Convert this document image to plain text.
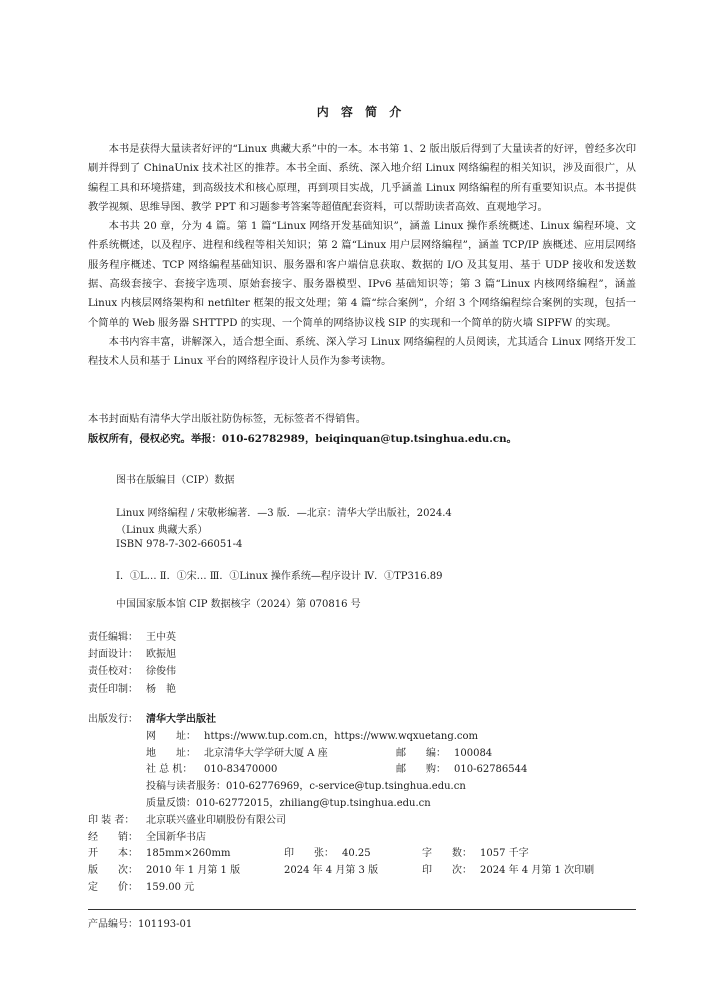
内 容 简 介

本书是获得大量读者好评的“Linux 典藏大系”中的一本。本书第 1、2 版出版后得到了大量读者的好评，曾经多次印刷并得到了 ChinaUnix 技术社区的推荐。本书全面、系统、深入地介绍 Linux 网络编程的相关知识，涉及面很广，从编程工具和环境搭建，到高级技术和核心原理，再到项目实战，几乎涵盖 Linux 网络编程的所有重要知识点。本书提供教学视频、思维导图、教学 PPT 和习题参考答案等超值配套资料，可以帮助读者高效、直观地学习。

本书共 20 章，分为 4 篇。第 1 篇“Linux 网络开发基础知识”，涵盖 Linux 操作系统概述、Linux 编程环境、文件系统概述，以及程序、进程和线程等相关知识；第 2 篇“Linux 用户层网络编程”，涵盖 TCP/IP 族概述、应用层网络服务程序概述、TCP 网络编程基础知识、服务器和客户端信息获取、数据的 I/O 及其复用、基于 UDP 接收和发送数据、高级套接字、套接字选项、原始套接字、服务器模型、IPv6 基础知识等；第 3 篇“Linux 内核网络编程”，涵盖 Linux 内核层网络架构和 netfilter 框架的报文处理；第 4 篇“综合案例”，介绍 3 个网络编程综合案例的实现，包括一个简单的 Web 服务器 SHTTPD 的实现、一个简单的网络协议栈 SIP 的实现和一个简单的防火墙 SIPFW 的实现。

本书内容丰富，讲解深入，适合想全面、系统、深入学习 Linux 网络编程的人员阅读，尤其适合 Linux 网络开发工程技术人员和基于 Linux 平台的网络程序设计人员作为参考读物。

本书封面贴有清华大学出版社防伪标签，无标签者不得销售。
版权所有，侵权必究。举报：010-62782989，beiqinquan@tup.tsinghua.edu.cn。
图书在版编目（CIP）数据
Linux 网络编程 / 宋敬彬编著．—3 版．—北京：清华大学出版社，2024.4
（Linux 典藏大系）
ISBN 978-7-302-66051-4
Ⅰ．①L… Ⅱ．①宋… Ⅲ．①Linux 操作系统—程序设计 Ⅳ．①TP316.89
中国国家版本馆 CIP 数据核字（2024）第 070816 号
责任编辑： 王中英
封面设计： 欧振旭
责任校对： 徐俊伟
责任印制： 杨　艳
出版发行： 清华大学出版社
网　　址： https://www.tup.com.cn，https://www.wqxuetang.com
地　　址： 北京清华大学学研大厦 A 座	邮　　编： 100084
社 总 机： 010-83470000	邮　　购： 010-62786544
投稿与读者服务：010-62776969，c-service@tup.tsinghua.edu.cn
质量反馈：010-62772015，zhiliang@tup.tsinghua.edu.cn
印 装 者： 北京联兴盛业印刷股份有限公司
经　　销： 全国新华书店
开　　本： 185mm×260mm	印　　张： 40.25	字　　数： 1057 千字
版　　次： 2010 年 1 月第 1 版	2024 年 4 月第 3 版	印　　次： 2024 年 4 月第 1 次印刷
定　　价： 159.00 元
产品编号：101193-01
